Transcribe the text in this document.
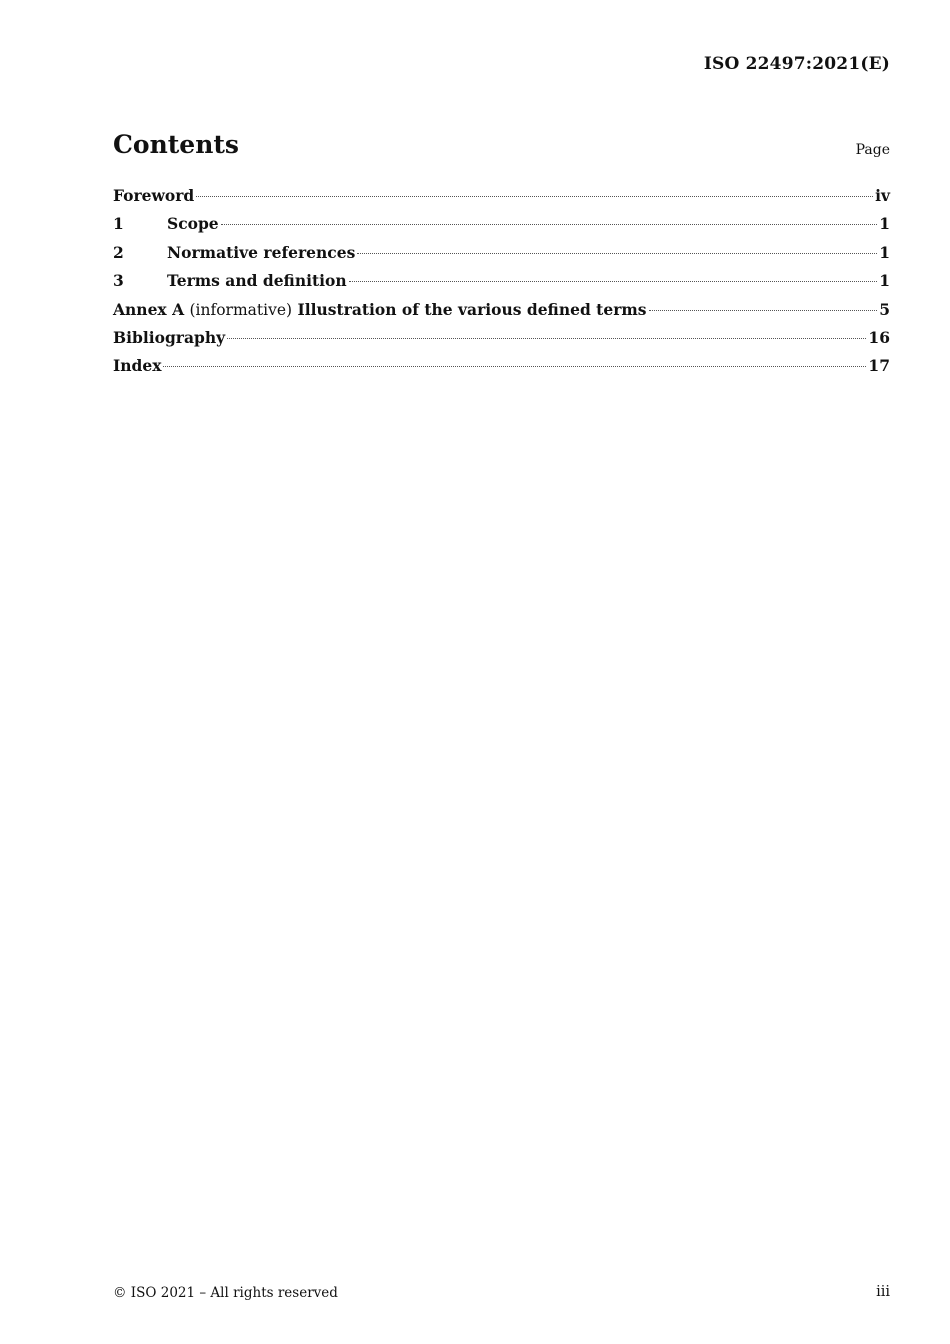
ISO 22497:2021(E)
Contents	Page
Foreword	iv
1	Scope	1
2	Normative references	1
3	Terms and definition	1
Annex A (informative) Illustration of the various defined terms	5
Bibliography	16
Index	17
© ISO 2021 – All rights reserved	iii
